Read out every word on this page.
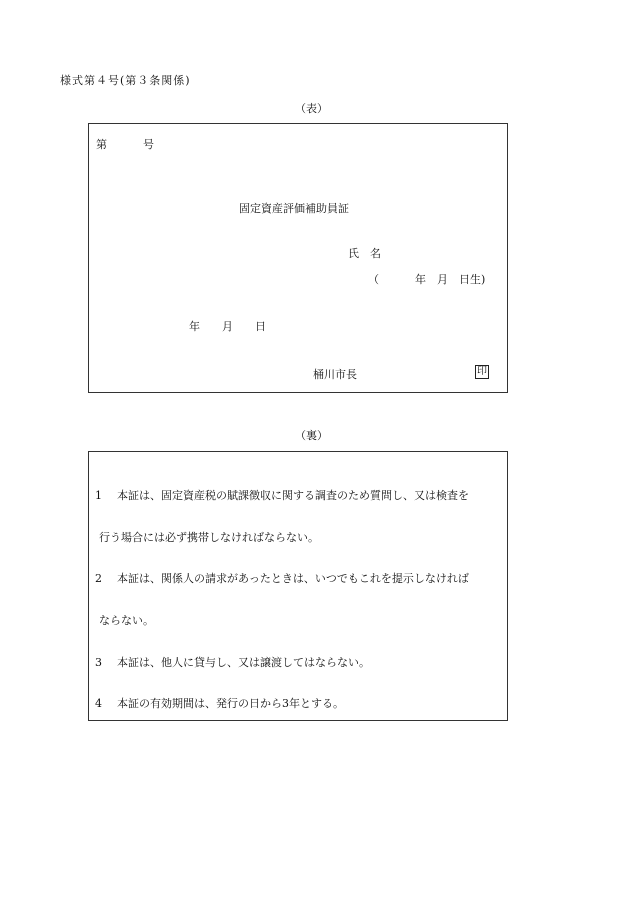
様式第４号(第３条関係)
（表）
第	号
固定資産評価補助員証
氏　名
（	年　月　日生)
年　　月　　日
桶川市長	印
（裏）
1 本証は、固定資産税の賦課徴収に関する調査のため質問し、又は検査を
行う場合には必ず携帯しなければならない。
2 本証は、関係人の請求があったときは、いつでもこれを提示しなければ
ならない。
3 本証は、他人に貸与し、又は譲渡してはならない。
4 本証の有効期間は、発行の日から3年とする。
